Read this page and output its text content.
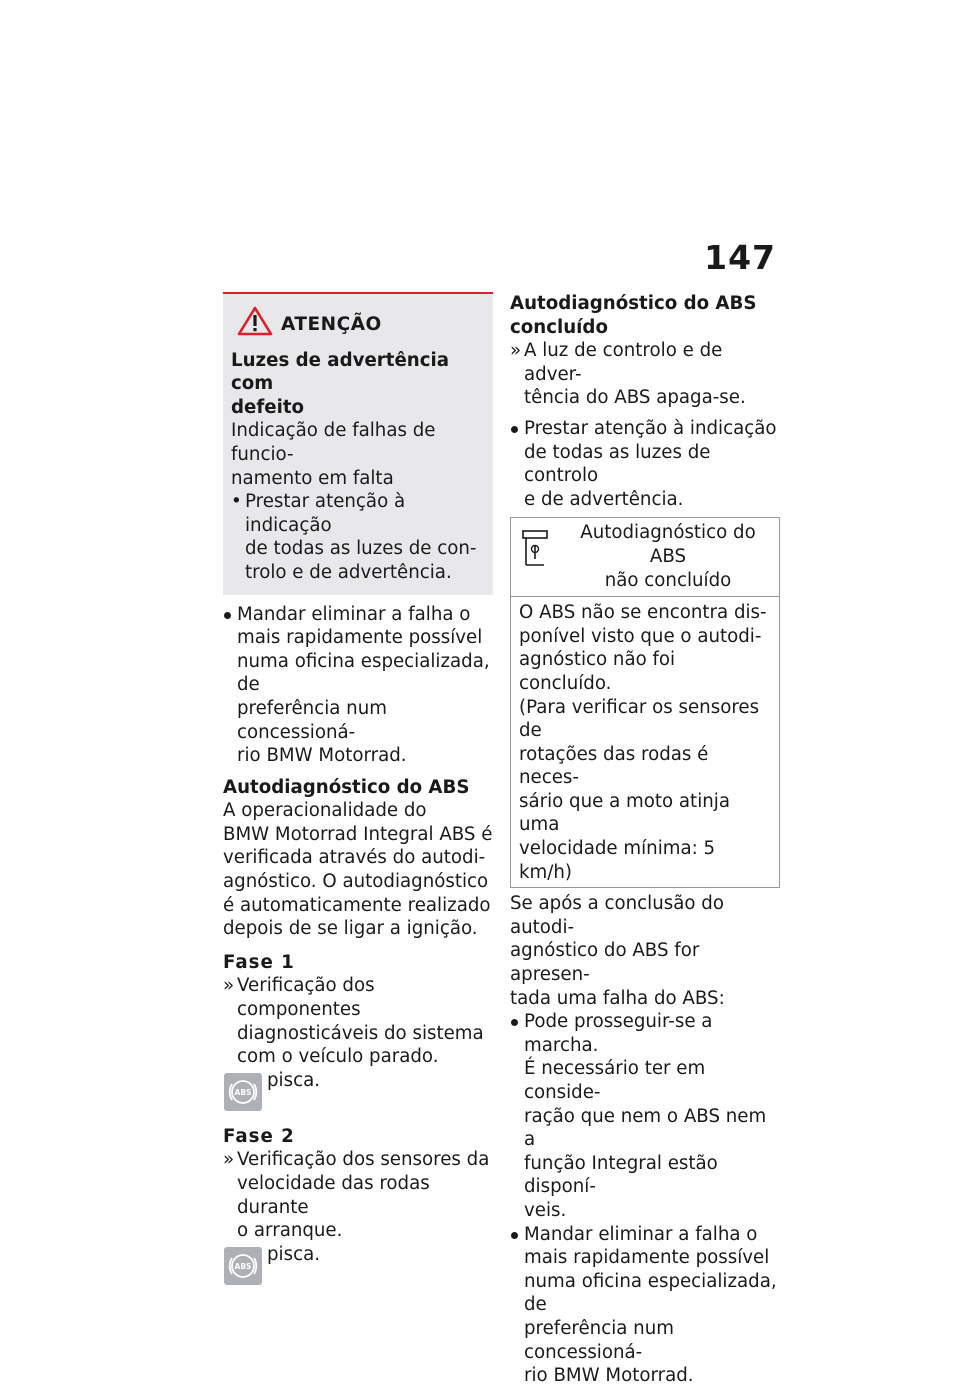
147
ATENÇÃO
Luzes de advertência com
defeito
Indicação de falhas de funcio-
namento em falta
• Prestar atenção à indicação
de todas as luzes de con-
trolo e de advertência.
Mandar eliminar a falha o
mais rapidamente possível
numa oficina especializada, de
preferência num concessioná-
rio BMW Motorrad.
Autodiagnóstico do ABS
A operacionalidade do
BMW Motorrad Integral ABS é
verificada através do autodi-
agnóstico. O autodiagnóstico
é automaticamente realizado
depois de se ligar a ignição.
Fase 1
» Verificação dos componentes
diagnosticáveis do sistema
com o veículo parado.
ABS
pisca.
Fase 2
» Verificação dos sensores da
velocidade das rodas durante
o arranque.
ABS
pisca.
Autodiagnóstico do ABS
concluído
» A luz de controlo e de adver-
tência do ABS apaga-se.
Prestar atenção à indicação
de todas as luzes de controlo
e de advertência.
Autodiagnóstico do ABS
não concluído
O ABS não se encontra dis-
ponível visto que o autodi-
agnóstico não foi concluído.
(Para verificar os sensores de
rotações das rodas é neces-
sário que a moto atinja uma
velocidade mínima: 5 km/h)
Se após a conclusão do autodi-
agnóstico do ABS for apresen-
tada uma falha do ABS:
Pode prosseguir-se a marcha.
É necessário ter em conside-
ração que nem o ABS nem a
função Integral estão disponí-
veis.
Mandar eliminar a falha o
mais rapidamente possível
numa oficina especializada, de
preferência num concessioná-
rio BMW Motorrad.
